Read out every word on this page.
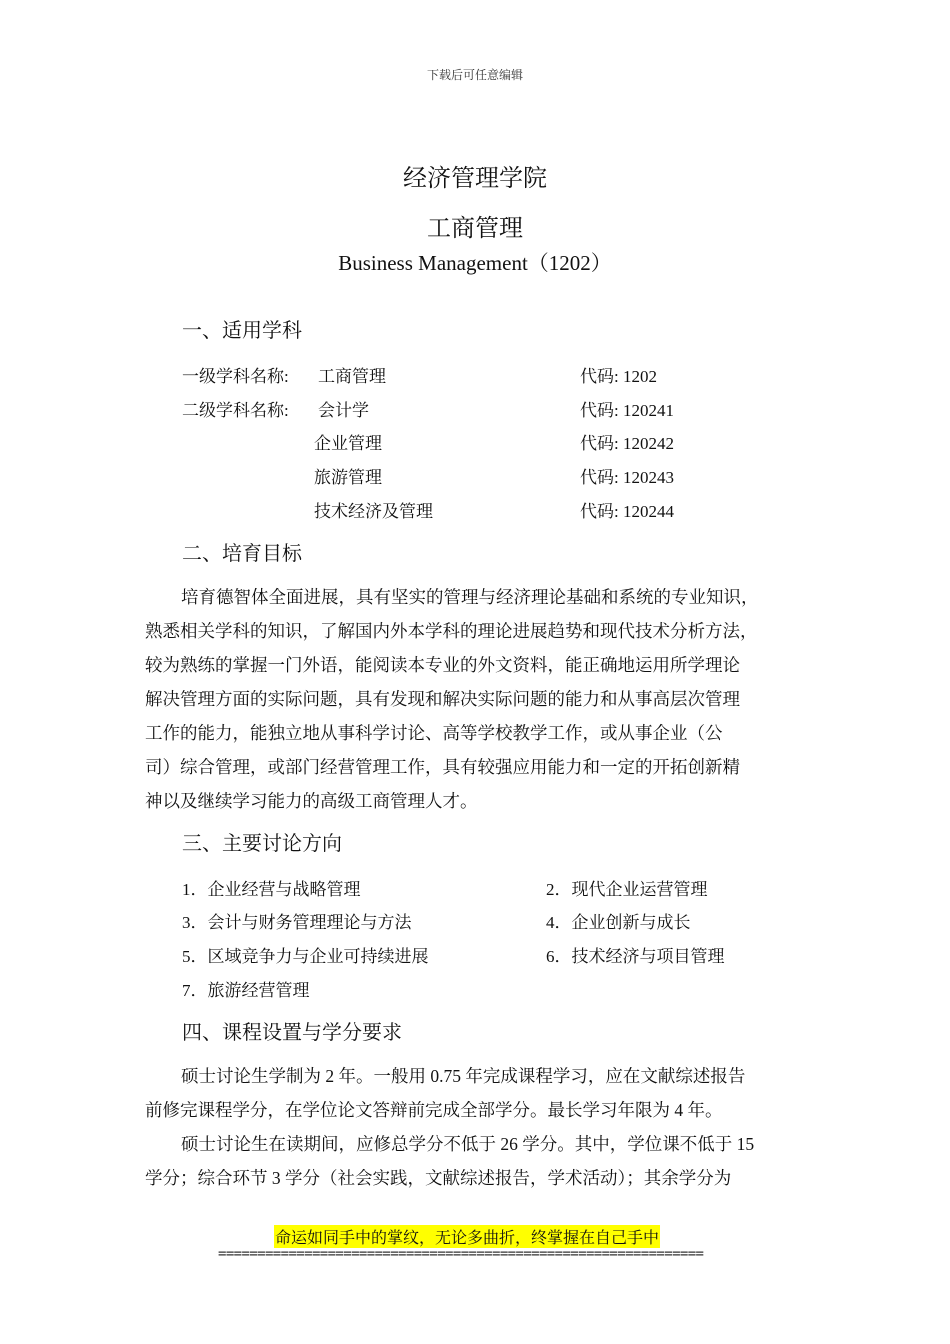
下载后可任意编辑
经济管理学院
工商管理
Business Management（1202）
一、适用学科
一级学科名称: 工商管理	代码: 1202
二级学科名称: 会计学	代码: 120241
企业管理	代码: 120242
旅游管理	代码: 120243
技术经济及管理	代码: 120244
二、培育目标
培育德智体全面进展，具有坚实的管理与经济理论基础和系统的专业知识，
熟悉相关学科的知识，了解国内外本学科的理论进展趋势和现代技术分析方法，
较为熟练的掌握一门外语，能阅读本专业的外文资料，能正确地运用所学理论
解决管理方面的实际问题，具有发现和解决实际问题的能力和从事高层次管理
工作的能力，能独立地从事科学讨论、高等学校教学工作，或从事企业（公
司）综合管理，或部门经营管理工作，具有较强应用能力和一定的开拓创新精
神以及继续学习能力的高级工商管理人才。
三、主要讨论方向
1．企业经营与战略管理	2．现代企业运营管理
3．会计与财务管理理论与方法	4．企业创新与成长
5．区域竞争力与企业可持续进展	6．技术经济与项目管理
7．旅游经营管理
四、课程设置与学分要求
硕士讨论生学制为 2 年。一般用 0.75 年完成课程学习，应在文献综述报告
前修完课程学分，在学位论文答辩前完成全部学分。最长学习年限为 4 年。
硕士讨论生在读期间，应修总学分不低于 26 学分。其中，学位课不低于 15
学分；综合环节 3 学分（社会实践，文献综述报告，学术活动）；其余学分为
命运如同手中的掌纹，无论多曲折，终掌握在自己手中
==============================================================
